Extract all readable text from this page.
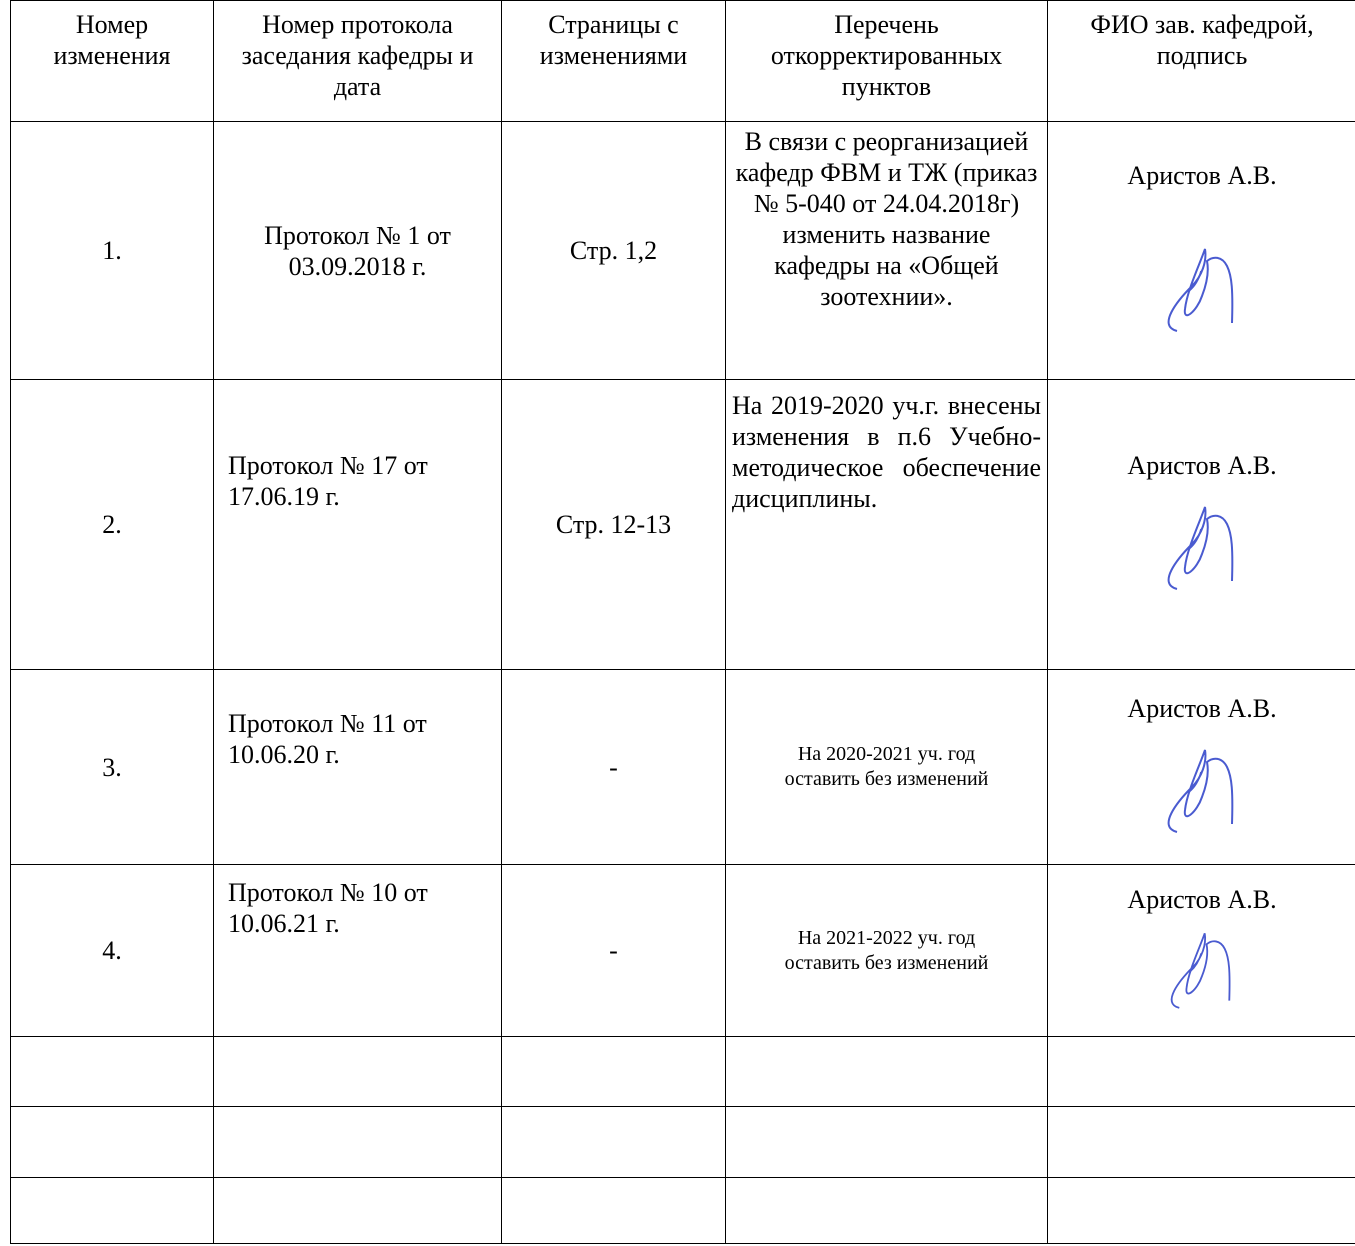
Номер изменения	Номер протокола заседания кафедры и дата	Страницы с изменениями	Перечень откорректированных пунктов	ФИО зав. кафедрой, подпись
1.	Протокол № 1 от 03.09.2018 г.	Стр. 1,2	В связи с реорганизацией кафедр ФВМ и ТЖ (приказ № 5-040 от 24.04.2018г) изменить название кафедры на «Общей зоотехнии».	Аристов А.В.

2.	Протокол № 17 от 17.06.19 г.	Стр. 12-13	На 2019-2020 уч.г. внесены изменения в п.6 Учебно-методическое обеспечение дисциплины.	Аристов А.В.

3.	Протокол № 11 от 10.06.20 г.	-	На 2020-2021 уч. год оставить без изменений	Аристов А.В.

4.	Протокол № 10 от 10.06.21 г.	-	На 2021-2022 уч. год оставить без изменений	Аристов А.В.
